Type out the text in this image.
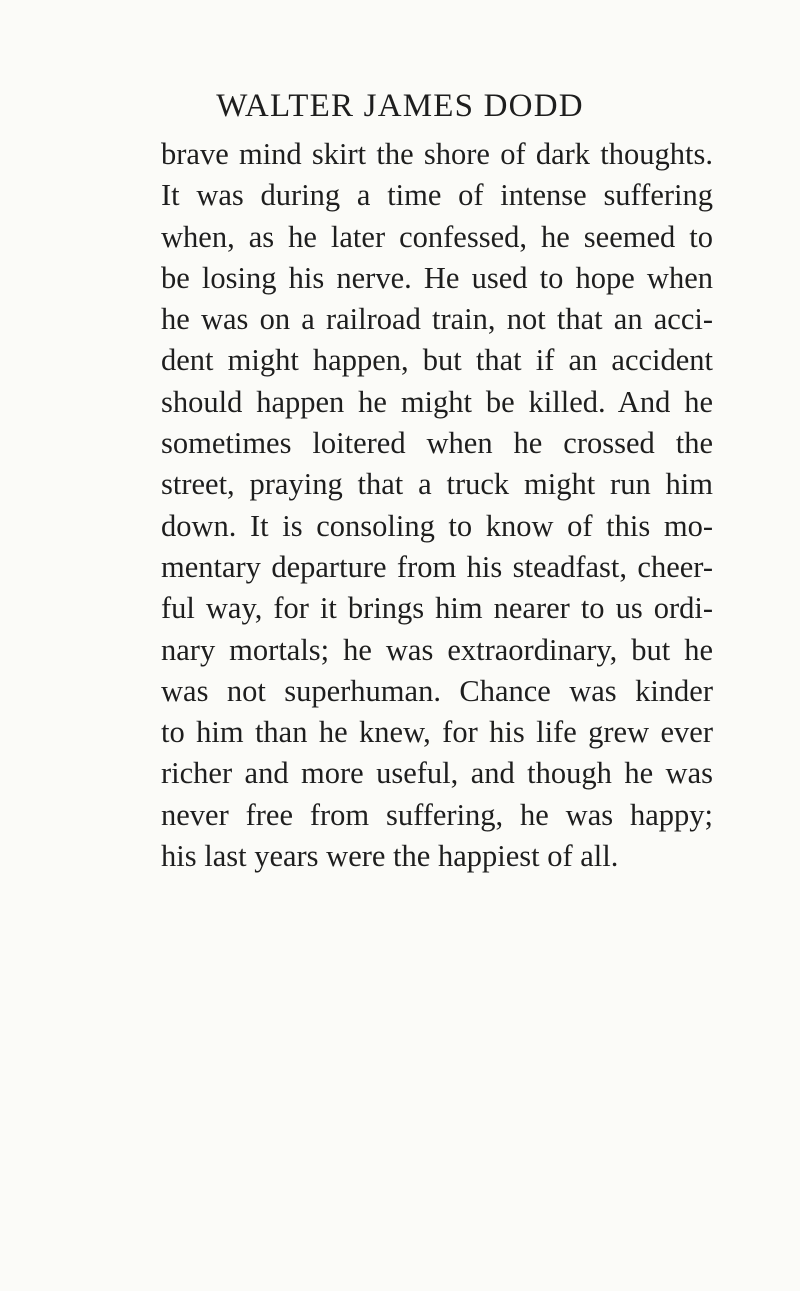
WALTER JAMES DODD
brave mind skirt the shore of dark thoughts.
It was during a time of intense suffering
when, as he later confessed, he seemed to
be losing his nerve. He used to hope when
he was on a railroad train, not that an acci-
dent might happen, but that if an accident
should happen he might be killed. And he
sometimes loitered when he crossed the
street, praying that a truck might run him
down. It is consoling to know of this mo-
mentary departure from his steadfast, cheer-
ful way, for it brings him nearer to us ordi-
nary mortals; he was extraordinary, but he
was not superhuman. Chance was kinder
to him than he knew, for his life grew ever
richer and more useful, and though he was
never free from suffering, he was happy;
his last years were the happiest of all.
